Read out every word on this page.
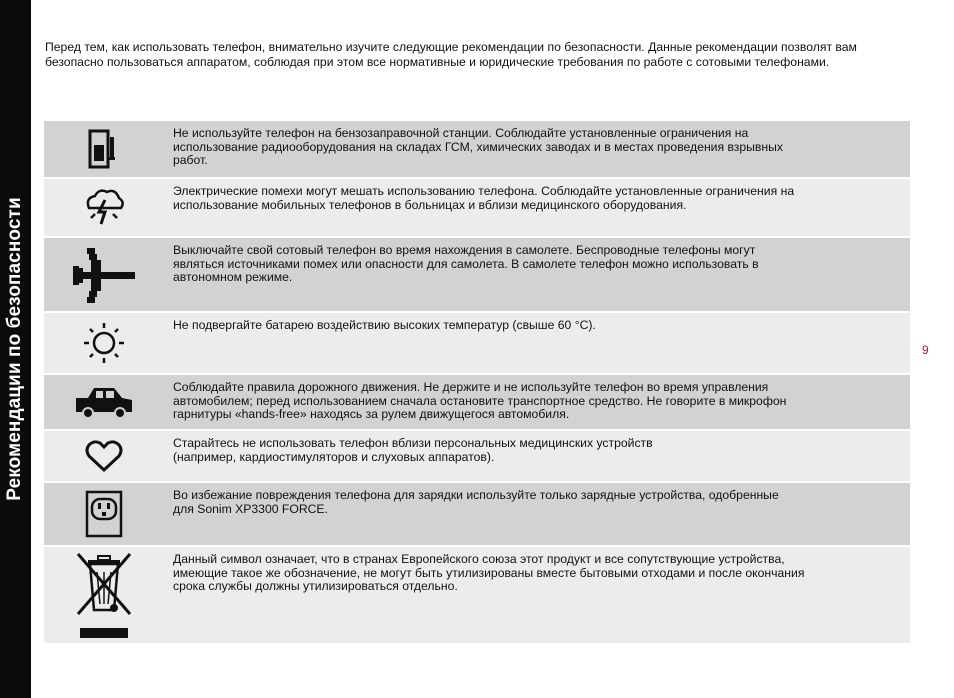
Рекомендации по безопасности

Перед тем, как использовать телефон, внимательно изучите следующие рекомендации по безопасности. Данные рекомендации позволят вам безопасно пользоваться аппаратом, соблюдая при этом все нормативные и юридические требования по работе с сотовыми телефонами.

Не используйте телефон на бензозаправочной станции. Соблюдайте установленные ограничения на
использование радиооборудования на складах ГСМ, химических заводах и в местах проведения взрывных
работ.
Электрические помехи могут мешать использованию телефона. Соблюдайте установленные ограничения на
использование мобильных телефонов в больницах и вблизи медицинского оборудования.
Выключайте свой сотовый телефон во время нахождения в самолете. Беспроводные телефоны могут
являться источниками помех или опасности для самолета. В самолете телефон можно использовать в
автономном режиме.
Не подвергайте батарею воздействию высоких температур (свыше 60 °C).
Соблюдайте правила дорожного движения. Не держите и не используйте телефон во время управления
автомобилем; перед использованием сначала остановите транспортное средство. Не говорите в микрофон
гарнитуры «hands-free» находясь за рулем движущегося автомобиля.
Старайтесь не использовать телефон вблизи персональных медицинских устройств
(например, кардиостимуляторов и слуховых аппаратов).
Во избежание повреждения телефона для зарядки используйте только зарядные устройства, одобренные
для Sonim XP3300 FORCE.
Данный символ означает, что в странах Европейского союза этот продукт и все сопутствующие устройства,
имеющие такое же обозначение, не могут быть утилизированы вместе бытовыми отходами и после окончания
срока службы должны утилизироваться отдельно.
9
